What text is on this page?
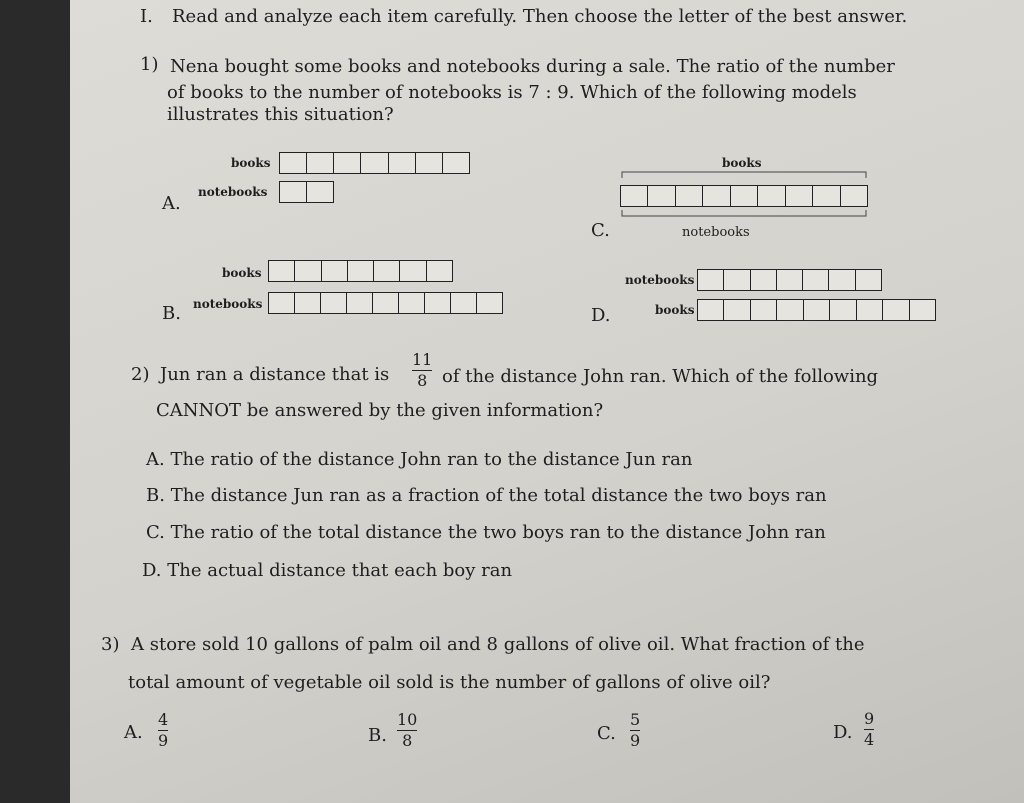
I. Read and analyze each item carefully. Then choose the letter of the best answer.
1) Nena bought some books and notebooks during a sale. The ratio of the number
of books to the number of notebooks is 7 : 9. Which of the following models
illustrates this situation?
books
notebooks
A.
books
C.	notebooks
books
notebooks
B.
notebooks
books
D.
2) Jun ran a distance that is
11
8 of the distance John ran. Which of the following
CANNOT be answered by the given information?
A. The ratio of the distance John ran to the distance Jun ran
B. The distance Jun ran as a fraction of the total distance the two boys ran
C. The ratio of the total distance the two boys ran to the distance John ran
D. The actual distance that each boy ran
3) A store sold 10 gallons of palm oil and 8 gallons of olive oil. What fraction of the
total amount of vegetable oil sold is the number of gallons of olive oil?
A.
4
9	B.
10
8	C.
5
9	D.
9
4
